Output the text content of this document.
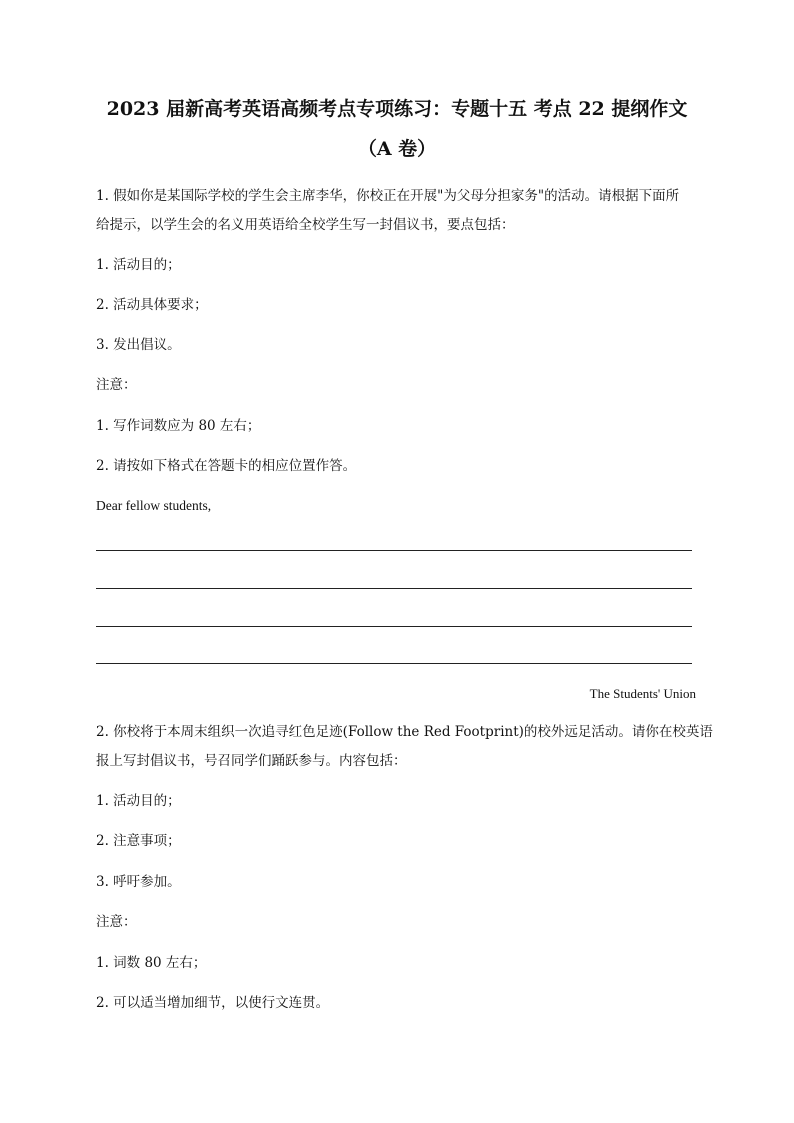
2023 届新高考英语高频考点专项练习：专题十五 考点 22 提纲作文
（A 卷）
1. 假如你是某国际学校的学生会主席李华，你校正在开展"为父母分担家务"的活动。请根据下面所
给提示，以学生会的名义用英语给全校学生写一封倡议书，要点包括：
1. 活动目的；
2. 活动具体要求；
3. 发出倡议。
注意：
1. 写作词数应为 80 左右；
2. 请按如下格式在答题卡的相应位置作答。
Dear fellow students,
The Students' Union
2. 你校将于本周末组织一次追寻红色足迹(Follow the Red Footprint)的校外远足活动。请你在校英语
报上写封倡议书，号召同学们踊跃参与。内容包括：
1. 活动目的；
2. 注意事项；
3. 呼吁参加。
注意：
1. 词数 80 左右；
2. 可以适当增加细节，以使行文连贯。
